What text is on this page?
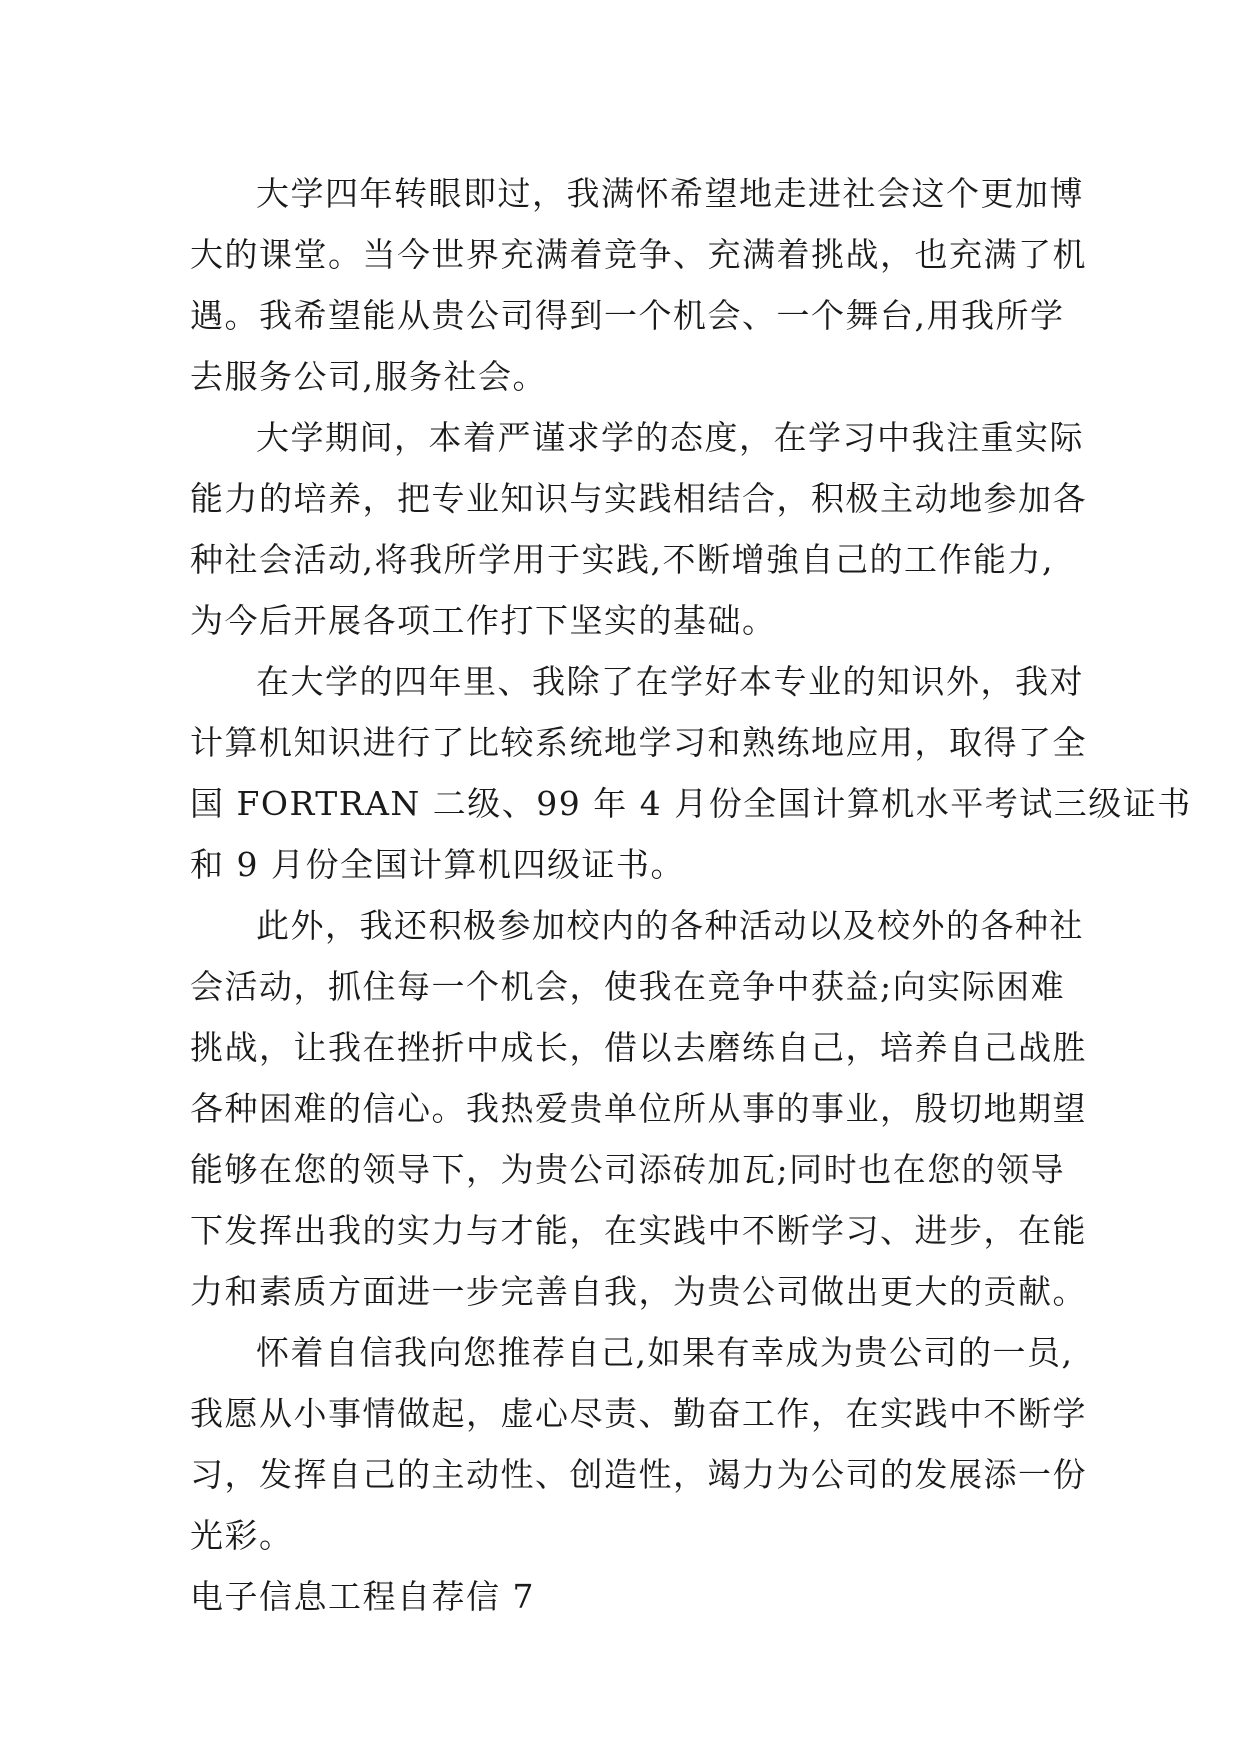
大学四年转眼即过，我满怀希望地走进社会这个更加博
大的课堂。当今世界充满着竞争、充满着挑战，也充满了机
遇。我希望能从贵公司得到一个机会、一个舞台,用我所学
去服务公司,服务社会。

大学期间，本着严谨求学的态度，在学习中我注重实际
能力的培养，把专业知识与实践相结合，积极主动地参加各
种社会活动,将我所学用于实践,不断增強自己的工作能力,
为今后开展各项工作打下坚实的基础。

在大学的四年里、我除了在学好本专业的知识外，我对
计算机知识进行了比较系统地学习和熟练地应用，取得了全
国 FORTRAN 二级、99 年 4 月份全国计算机水平考试三级证书
和 9 月份全国计算机四级证书。

此外，我还积极参加校内的各种活动以及校外的各种社
会活动，抓住每一个机会，使我在竞争中获益;向实际困难
挑战，让我在挫折中成长，借以去磨练自己，培养自己战胜
各种困难的信心。我热爱贵单位所从事的事业，殷切地期望
能够在您的领导下，为贵公司添砖加瓦;同时也在您的领导
下发挥出我的实力与才能，在实践中不断学习、进步，在能
力和素质方面进一步完善自我，为贵公司做出更大的贡献。

怀着自信我向您推荐自己,如果有幸成为贵公司的一员,
我愿从小事情做起，虚心尽责、勤奋工作，在实践中不断学
习，发挥自己的主动性、创造性，竭力为公司的发展添一份
光彩。

电子信息工程自荐信 7
